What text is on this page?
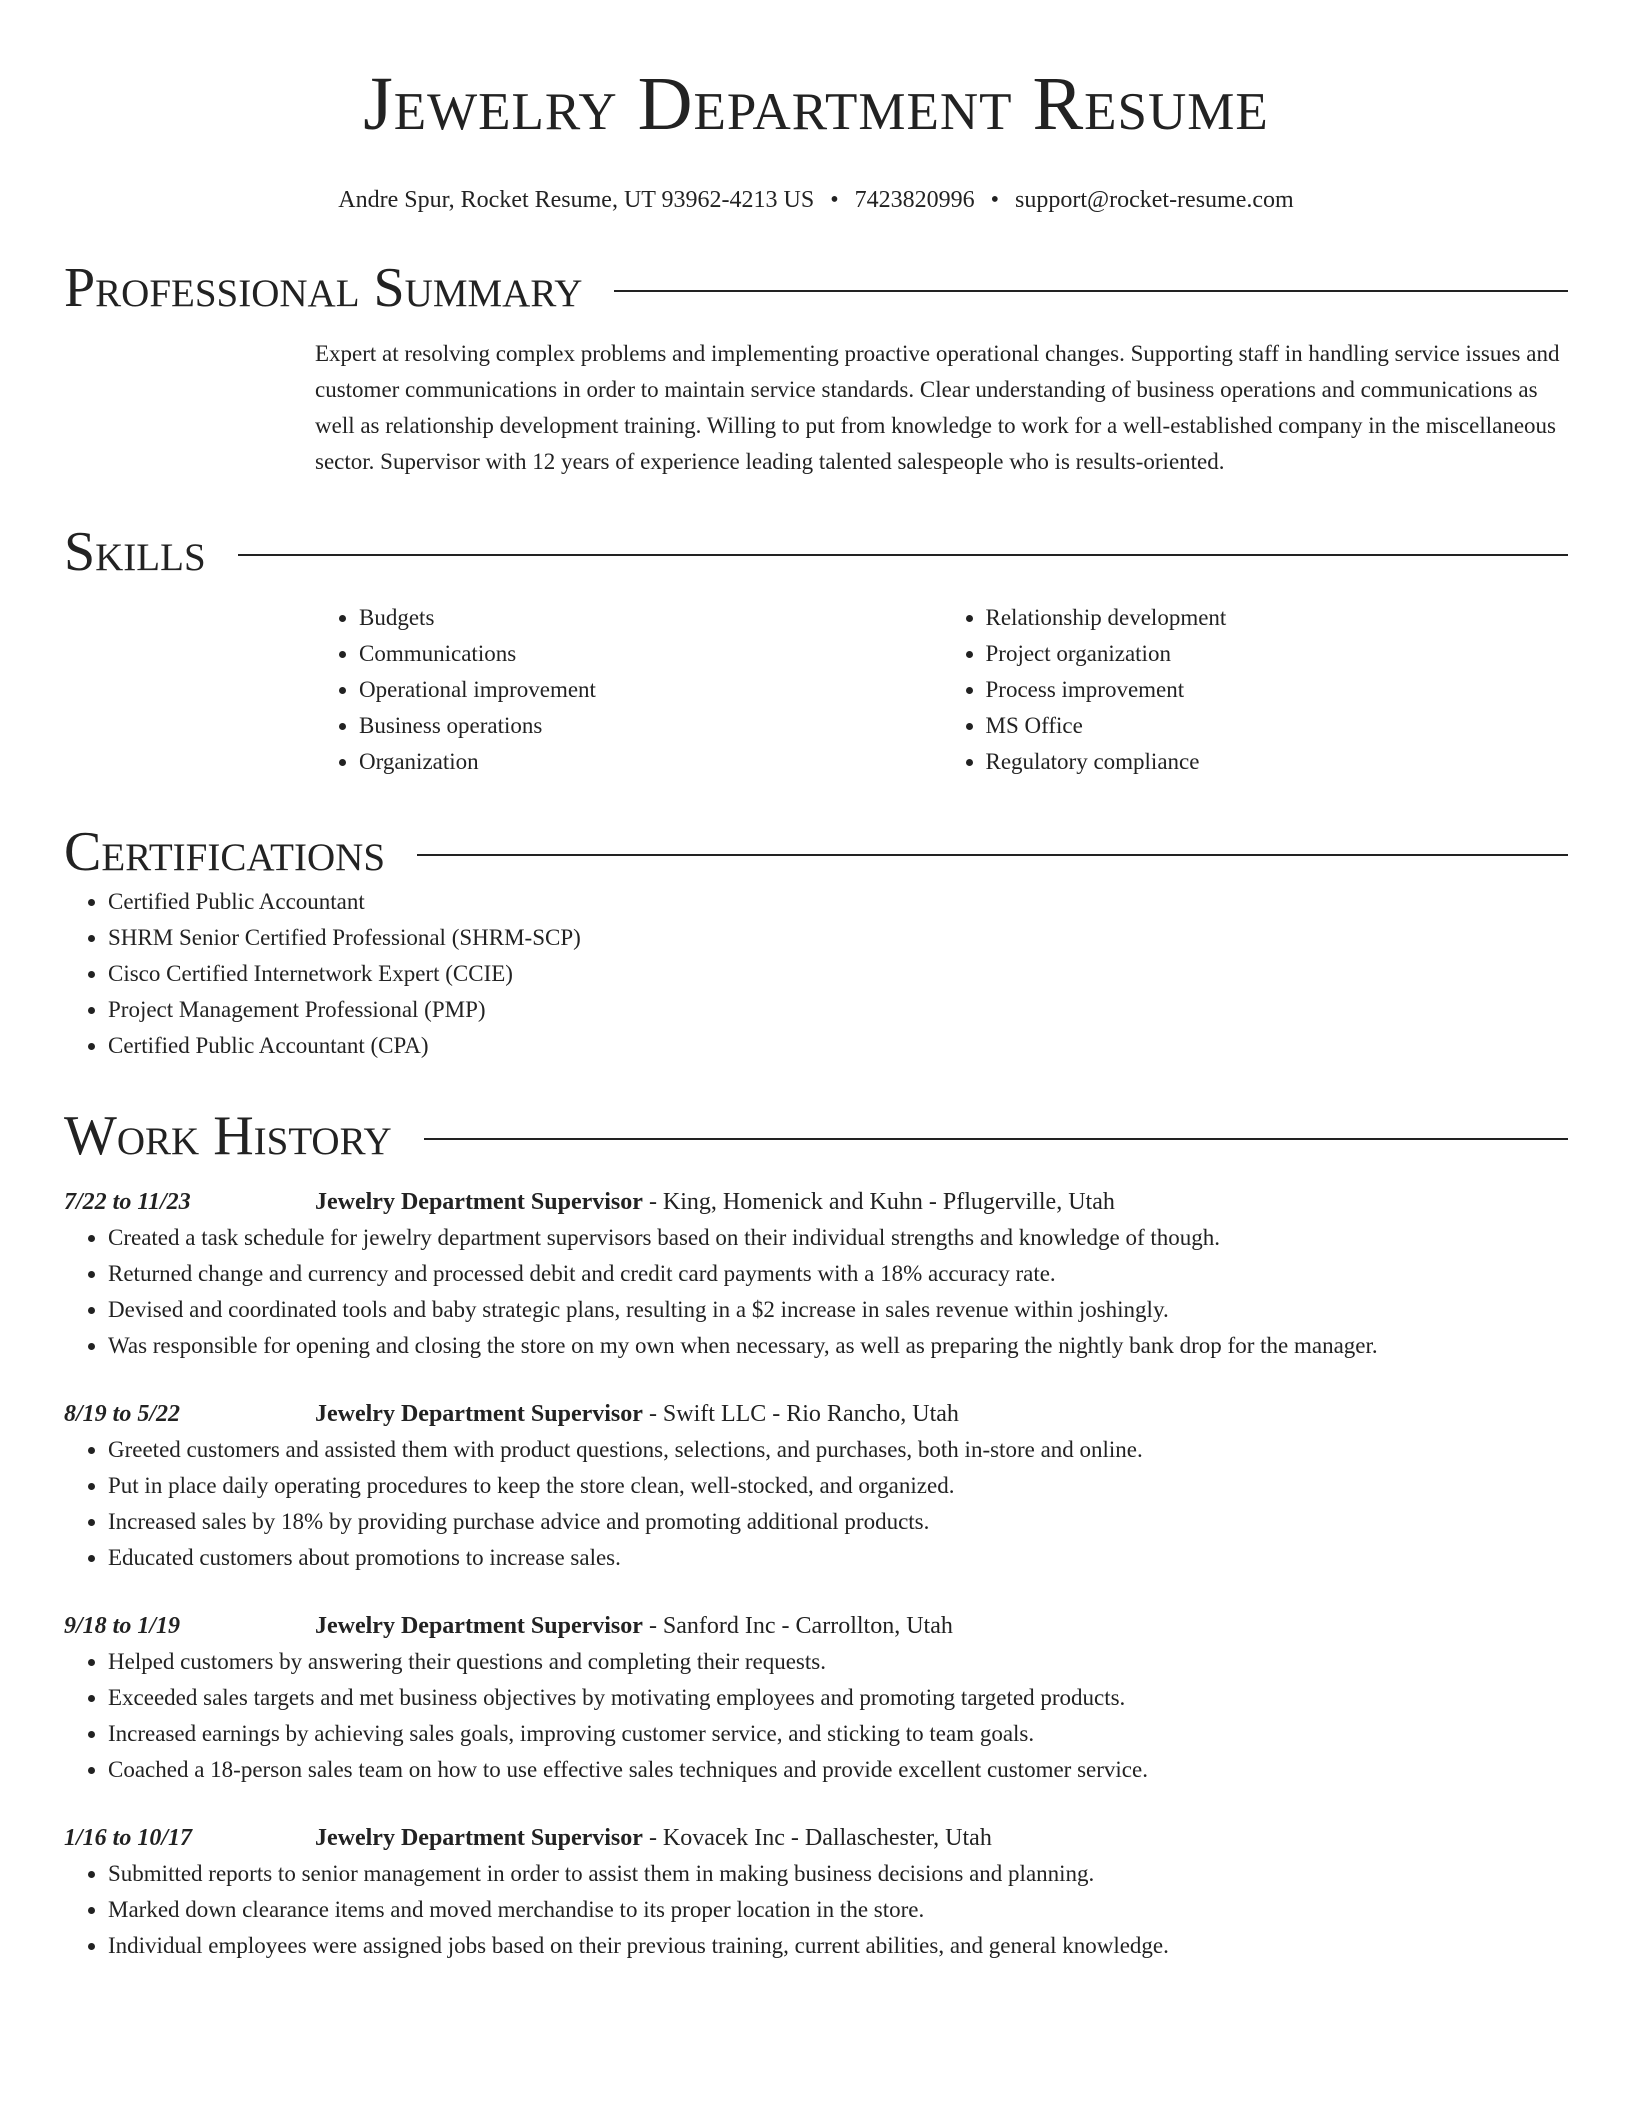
Jewelry Department Resume
Andre Spur, Rocket Resume, UT 93962-4213 US • 7423820996 • support@rocket-resume.com
Professional Summary
Expert at resolving complex problems and implementing proactive operational changes. Supporting staff in handling service issues and customer communications in order to maintain service standards. Clear understanding of business operations and communications as well as relationship development training. Willing to put from knowledge to work for a well-established company in the miscellaneous sector. Supervisor with 12 years of experience leading talented salespeople who is results-oriented.
Skills
• Budgets
• Communications
• Operational improvement
• Business operations
• Organization
• Relationship development
• Project organization
• Process improvement
• MS Office
• Regulatory compliance
Certifications
• Certified Public Accountant
• SHRM Senior Certified Professional (SHRM-SCP)
• Cisco Certified Internetwork Expert (CCIE)
• Project Management Professional (PMP)
• Certified Public Accountant (CPA)
Work History
7/22 to 11/23	Jewelry Department Supervisor - King, Homenick and Kuhn - Pflugerville, Utah
• Created a task schedule for jewelry department supervisors based on their individual strengths and knowledge of though.
• Returned change and currency and processed debit and credit card payments with a 18% accuracy rate.
• Devised and coordinated tools and baby strategic plans, resulting in a $2 increase in sales revenue within joshingly.
• Was responsible for opening and closing the store on my own when necessary, as well as preparing the nightly bank drop for the manager.
8/19 to 5/22	Jewelry Department Supervisor - Swift LLC - Rio Rancho, Utah
• Greeted customers and assisted them with product questions, selections, and purchases, both in-store and online.
• Put in place daily operating procedures to keep the store clean, well-stocked, and organized.
• Increased sales by 18% by providing purchase advice and promoting additional products.
• Educated customers about promotions to increase sales.
9/18 to 1/19	Jewelry Department Supervisor - Sanford Inc - Carrollton, Utah
• Helped customers by answering their questions and completing their requests.
• Exceeded sales targets and met business objectives by motivating employees and promoting targeted products.
• Increased earnings by achieving sales goals, improving customer service, and sticking to team goals.
• Coached a 18-person sales team on how to use effective sales techniques and provide excellent customer service.
1/16 to 10/17	Jewelry Department Supervisor - Kovacek Inc - Dallaschester, Utah
• Submitted reports to senior management in order to assist them in making business decisions and planning.
• Marked down clearance items and moved merchandise to its proper location in the store.
• Individual employees were assigned jobs based on their previous training, current abilities, and general knowledge.
